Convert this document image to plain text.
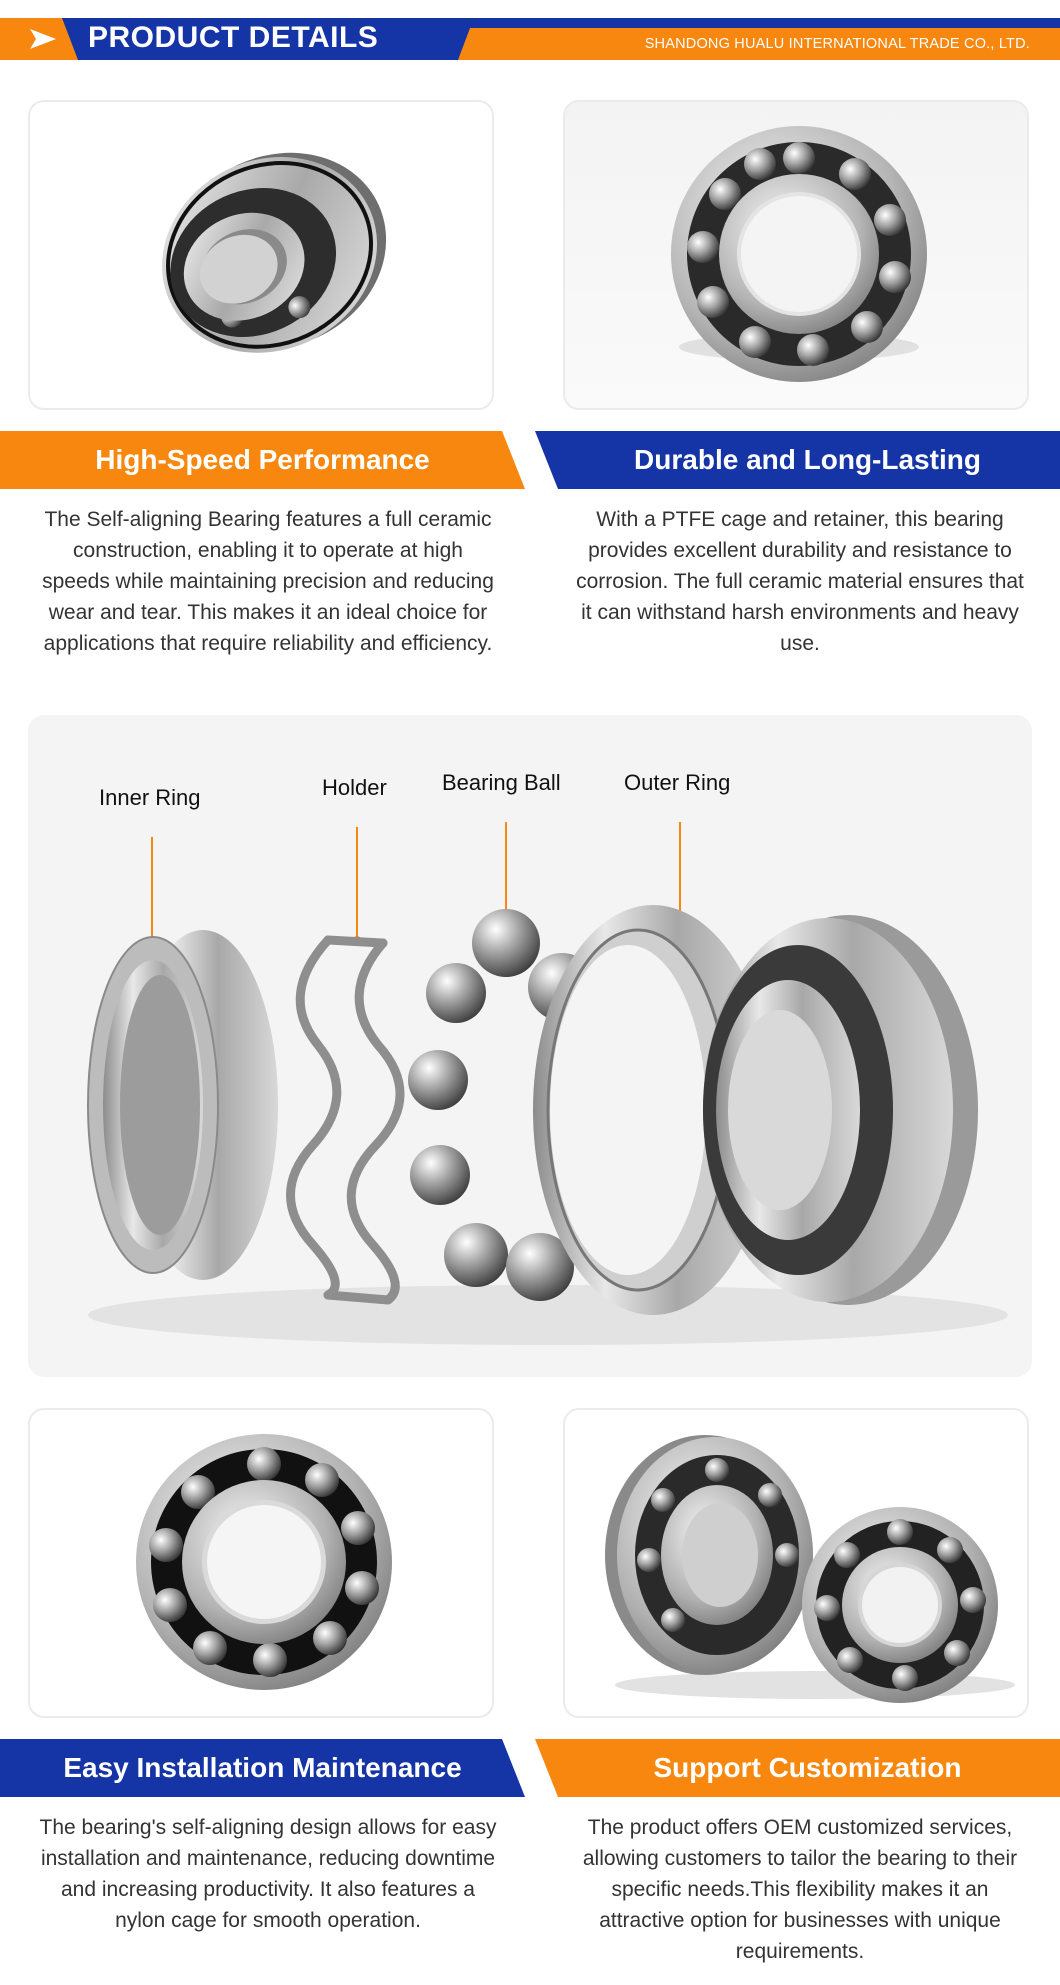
PRODUCT DETAILS	SHANDONG HUALU INTERNATIONAL TRADE CO., LTD.
High-Speed Performance	Durable and Long-Lasting
The Self-aligning Bearing features a full ceramic construction, enabling it to operate at high speeds while maintaining precision and reducing wear and tear. This makes it an ideal choice for applications that require reliability and efficiency.
With a PTFE cage and retainer, this bearing provides excellent durability and resistance to corrosion. The full ceramic material ensures that it can withstand harsh environments and heavy use.
Inner Ring	Holder	Bearing Ball	Outer Ring
Easy Installation Maintenance	Support Customization
The bearing's self-aligning design allows for easy installation and maintenance, reducing downtime and increasing productivity. It also features a nylon cage for smooth operation.
The product offers OEM customized services, allowing customers to tailor the bearing to their specific needs.This flexibility makes it an attractive option for businesses with unique requirements.
